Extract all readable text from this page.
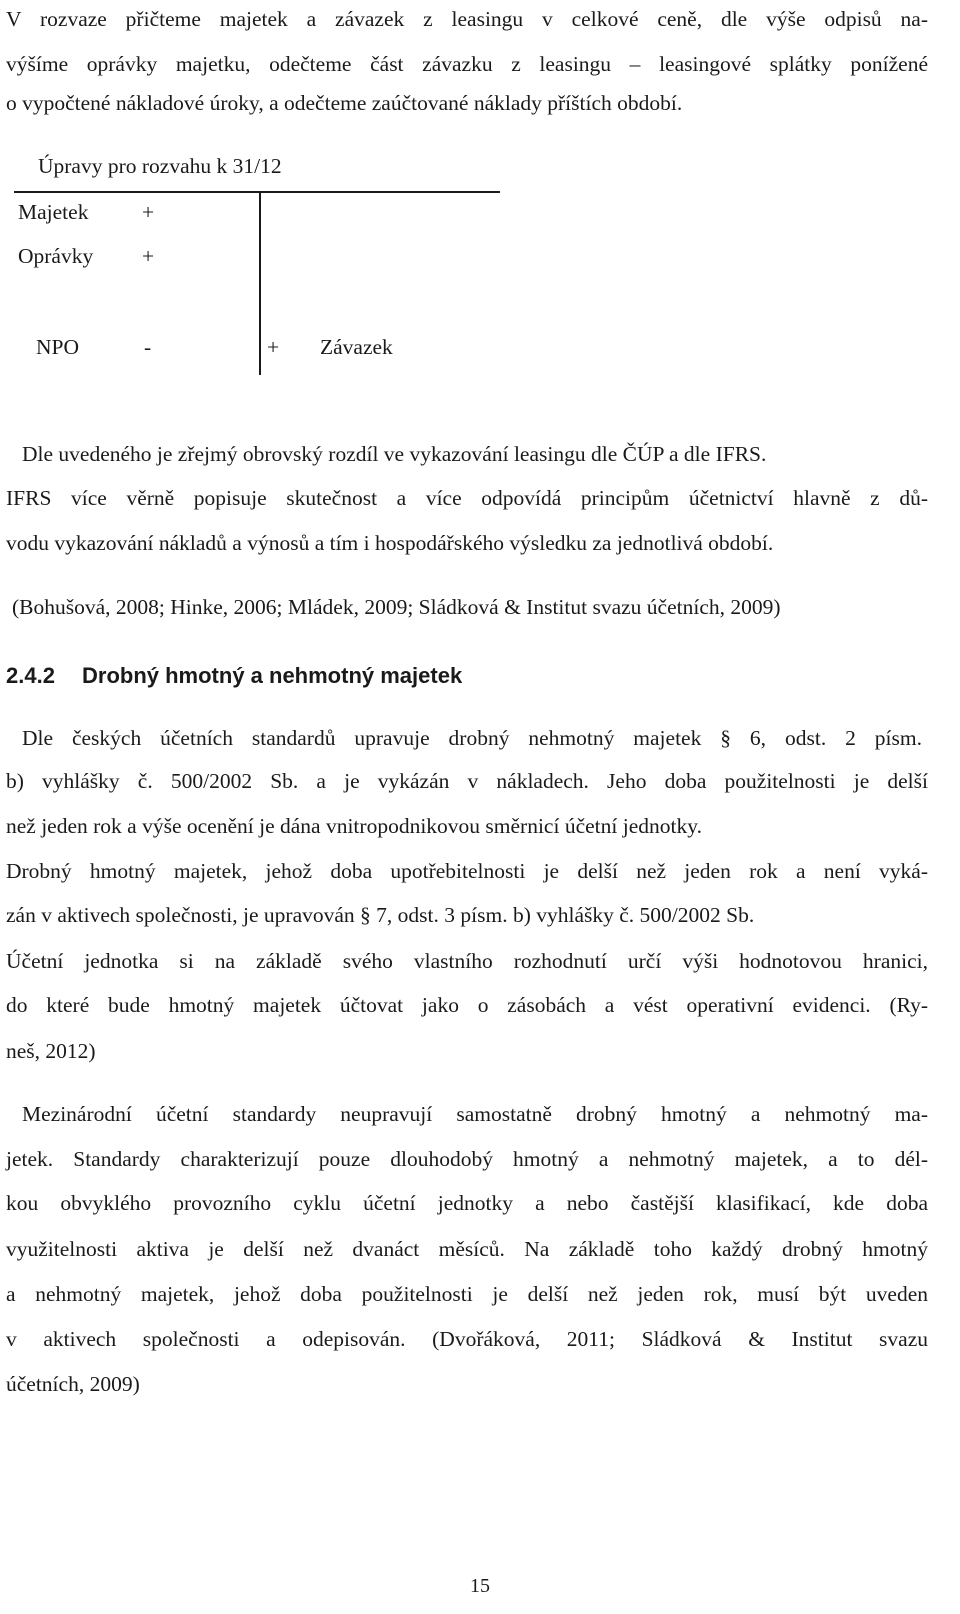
V rozvaze přičteme majetek a závazek z leasingu v celkové ceně, dle výše odpisů na-
výšíme oprávky majetku, odečteme část závazku z leasingu – leasingové splátky ponížené
o vypočtené nákladové úroky, a odečteme zaúčtované náklady příštích období.
Úpravy pro rozvahu k 31/12
Majetek +
Oprávky +
NPO	-	+ Závazek
Dle uvedeného je zřejmý obrovský rozdíl ve vykazování leasingu dle ČÚP a dle IFRS.
IFRS více věrně popisuje skutečnost a více odpovídá principům účetnictví hlavně z dů-
vodu vykazování nákladů a výnosů a tím i hospodářského výsledku za jednotlivá období.
(Bohušová, 2008; Hinke, 2006; Mládek, 2009; Sládková & Institut svazu účetních, 2009)
2.4.2 Drobný hmotný a nehmotný majetek
Dle českých účetních standardů upravuje drobný nehmotný majetek § 6, odst. 2 písm.
b) vyhlášky č. 500/2002 Sb. a je vykázán v nákladech. Jeho doba použitelnosti je delší
než jeden rok a výše ocenění je dána vnitropodnikovou směrnicí účetní jednotky.
Drobný hmotný majetek, jehož doba upotřebitelnosti je delší než jeden rok a není vyká-
zán v aktivech společnosti, je upravován § 7, odst. 3 písm. b) vyhlášky č. 500/2002 Sb.
Účetní jednotka si na základě svého vlastního rozhodnutí určí výši hodnotovou hranici,
do které bude hmotný majetek účtovat jako o zásobách a vést operativní evidenci. (Ry-
neš, 2012)
Mezinárodní účetní standardy neupravují samostatně drobný hmotný a nehmotný ma-
jetek. Standardy charakterizují pouze dlouhodobý hmotný a nehmotný majetek, a to dél-
kou obvyklého provozního cyklu účetní jednotky a nebo častější klasifikací, kde doba
využitelnosti aktiva je delší než dvanáct měsíců. Na základě toho každý drobný hmotný
a nehmotný majetek, jehož doba použitelnosti je delší než jeden rok, musí být uveden
v aktivech společnosti a odepisován. (Dvořáková, 2011; Sládková & Institut svazu
účetních, 2009)
15
